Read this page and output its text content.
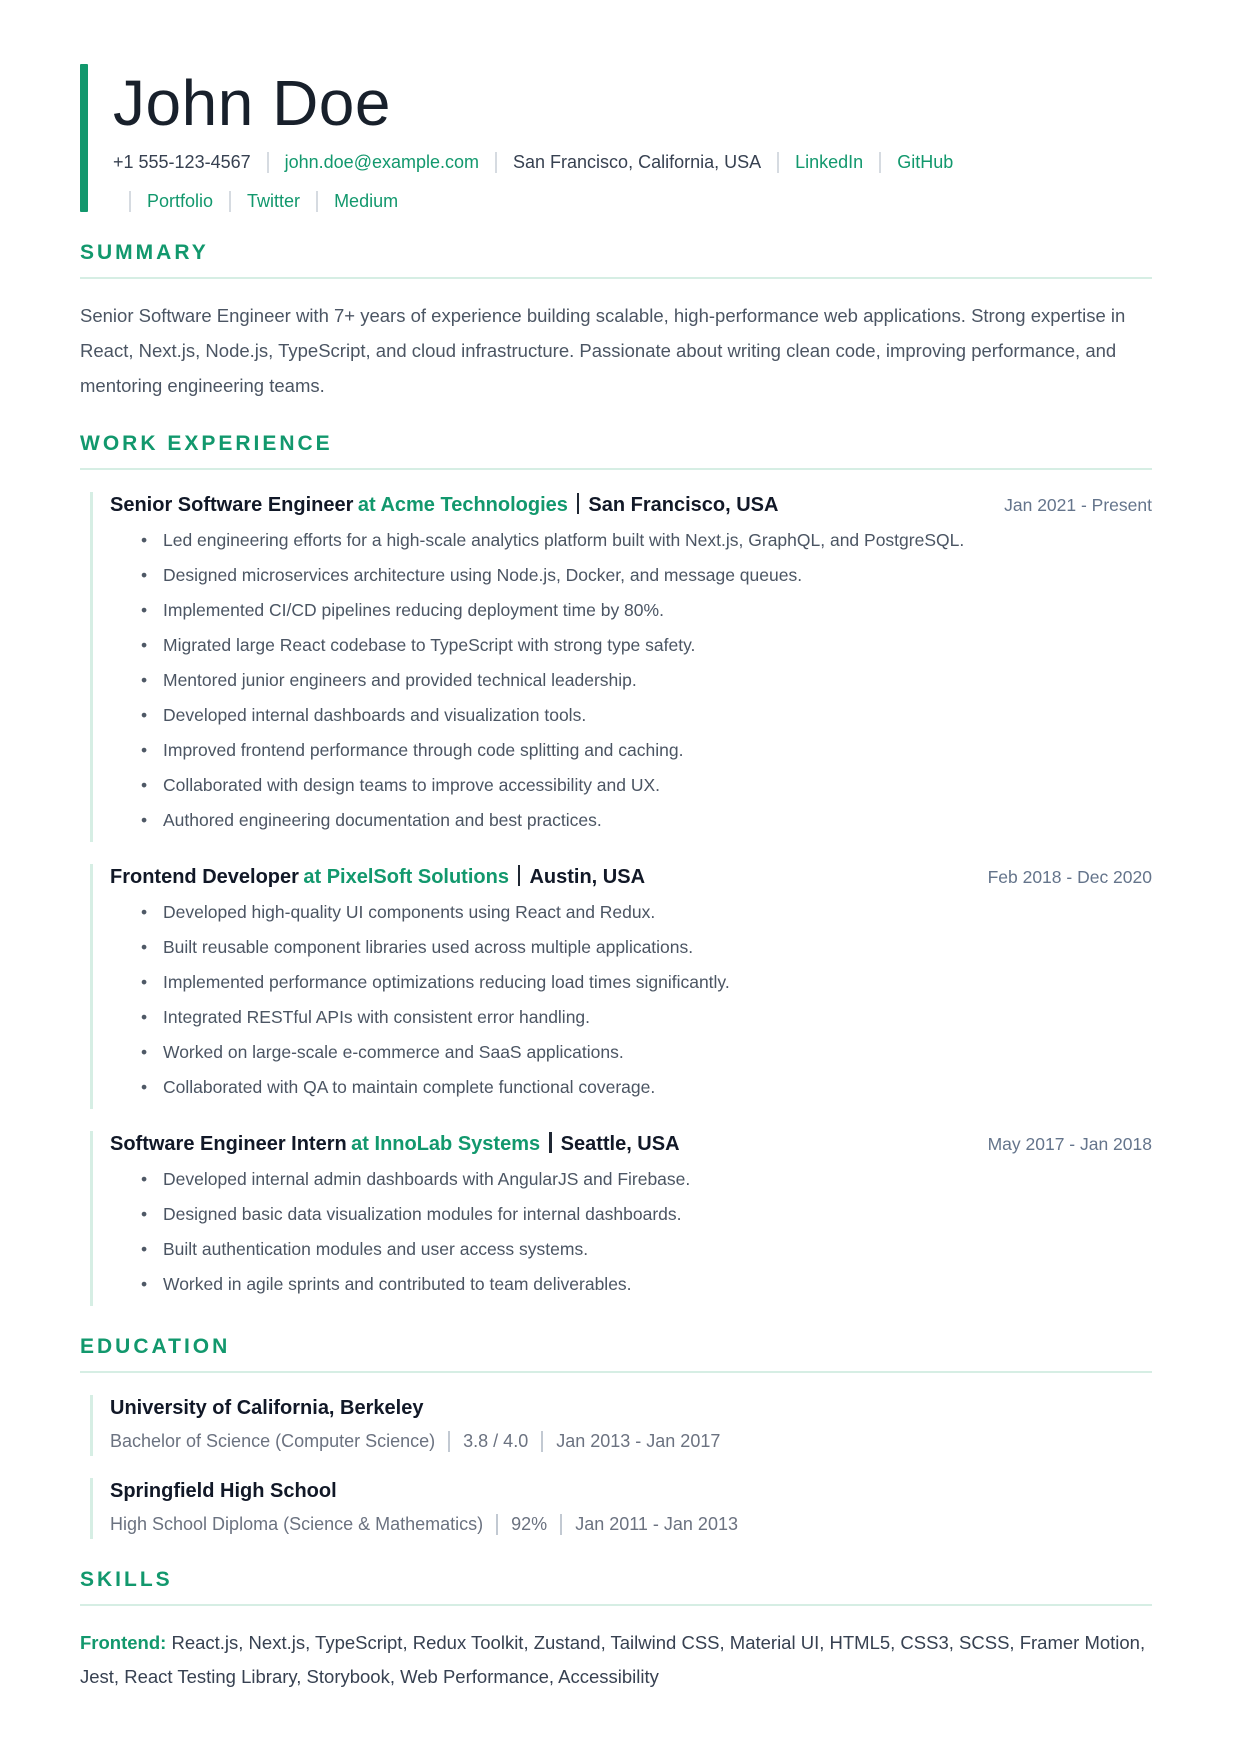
John Doe
+1 555-123-4567 john.doe@example.com San Francisco, California, USA LinkedIn GitHub
Portfolio Twitter Medium
SUMMARY

Senior Software Engineer with 7+ years of experience building scalable, high-performance web applications. Strong expertise in React, Next.js, Node.js, TypeScript, and cloud infrastructure. Passionate about writing clean code, improving performance, and mentoring engineering teams.

WORK EXPERIENCE
Senior Software Engineer at Acme Technologies San Francisco, USA	Jan 2021 - Present
• Led engineering efforts for a high-scale analytics platform built with Next.js, GraphQL, and PostgreSQL.
• Designed microservices architecture using Node.js, Docker, and message queues.
• Implemented CI/CD pipelines reducing deployment time by 80%.
• Migrated large React codebase to TypeScript with strong type safety.
• Mentored junior engineers and provided technical leadership.
• Developed internal dashboards and visualization tools.
• Improved frontend performance through code splitting and caching.
• Collaborated with design teams to improve accessibility and UX.
• Authored engineering documentation and best practices.
Frontend Developer at PixelSoft Solutions Austin, USA	Feb 2018 - Dec 2020
• Developed high-quality UI components using React and Redux.
• Built reusable component libraries used across multiple applications.
• Implemented performance optimizations reducing load times significantly.
• Integrated RESTful APIs with consistent error handling.
• Worked on large-scale e-commerce and SaaS applications.
• Collaborated with QA to maintain complete functional coverage.
Software Engineer Intern at InnoLab Systems Seattle, USA	May 2017 - Jan 2018
• Developed internal admin dashboards with AngularJS and Firebase.
• Designed basic data visualization modules for internal dashboards.
• Built authentication modules and user access systems.
• Worked in agile sprints and contributed to team deliverables.
EDUCATION
University of California, Berkeley
Bachelor of Science (Computer Science) 3.8 / 4.0 Jan 2013 - Jan 2017
Springfield High School
High School Diploma (Science & Mathematics) 92% Jan 2011 - Jan 2013
SKILLS

Frontend: React.js, Next.js, TypeScript, Redux Toolkit, Zustand, Tailwind CSS, Material UI, HTML5, CSS3, SCSS, Framer Motion, Jest, React Testing Library, Storybook, Web Performance, Accessibility
